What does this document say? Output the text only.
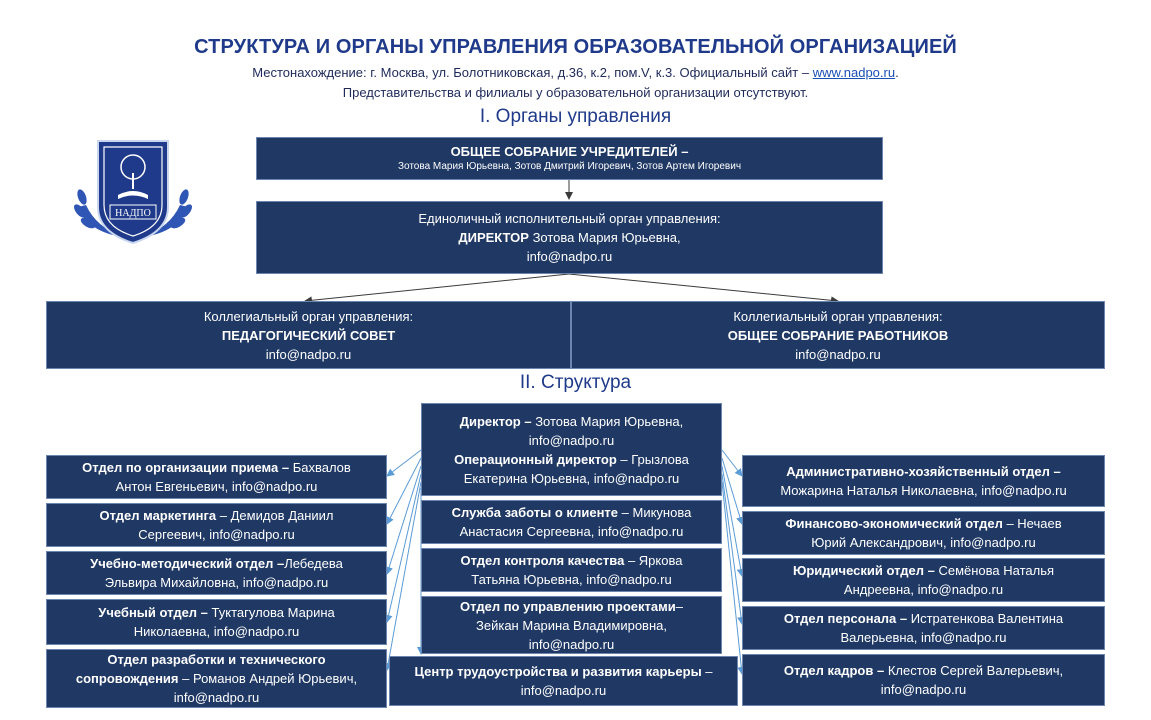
СТРУКТУРА И ОРГАНЫ УПРАВЛЕНИЯ ОБРАЗОВАТЕЛЬНОЙ ОРГАНИЗАЦИЕЙ
Местонахождение: г. Москва, ул. Болотниковская, д.36, к.2, пом.V, к.3. Официальный сайт – www.nadpo.ru.
Представительства и филиалы у образовательной организации отсутствуют.
I. Органы управления
II. Структура
НАДПО
ОБЩЕЕ СОБРАНИЕ УЧРЕДИТЕЛЕЙ –
Зотова Мария Юрьевна, Зотов Дмитрий Игоревич, Зотов Артем Игоревич
Единоличный исполнительный орган управления:
ДИРЕКТОР Зотова Мария Юрьевна,
info@nadpo.ru
Коллегиальный орган управления:
ПЕДАГОГИЧЕСКИЙ СОВЕТ
info@nadpo.ru
Коллегиальный орган управления:
ОБЩЕЕ СОБРАНИЕ РАБОТНИКОВ
info@nadpo.ru
Директор – Зотова Мария Юрьевна,
info@nadpo.ru
Операционный директор – Грызлова
Екатерина Юрьевна, info@nadpo.ru
Служба заботы о клиенте – Микунова
Анастасия Сергеевна, info@nadpo.ru
Отдел контроля качества – Яркова
Татьяна Юрьевна, info@nadpo.ru
Отдел по управлению проектами–
Зейкан Марина Владимировна,
info@nadpo.ru
Центр трудоустройства и развития карьеры –
info@nadpo.ru
Отдел по организации приема – Бахвалов
Антон Евгеньевич, info@nadpo.ru
Отдел маркетинга – Демидов Даниил
Сергеевич, info@nadpo.ru
Учебно-методический отдел –Лебедева
Эльвира Михайловна, info@nadpo.ru
Учебный отдел – Туктагулова Марина
Николаевна, info@nadpo.ru
Отдел разработки и технического
сопровождения – Романов Андрей Юрьевич,
info@nadpo.ru
Административно-хозяйственный отдел –
Можарина Наталья Николаевна, info@nadpo.ru
Финансово-экономический отдел – Нечаев
Юрий Александрович, info@nadpo.ru
Юридический отдел – Семёнова Наталья
Андреевна, info@nadpo.ru
Отдел персонала – Истратенкова Валентина
Валерьевна, info@nadpo.ru
Отдел кадров – Клестов Сергей Валерьевич,
info@nadpo.ru
